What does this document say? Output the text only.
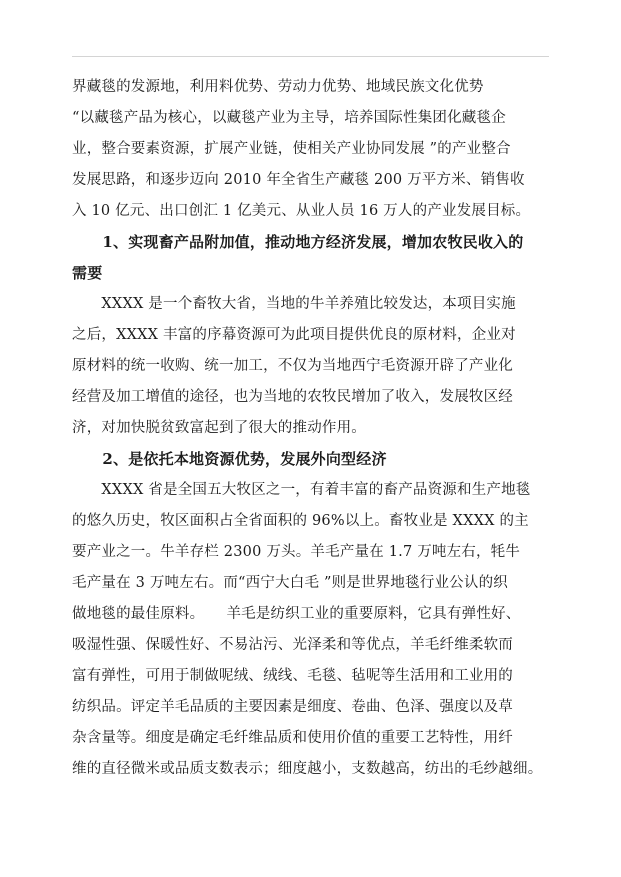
界藏毯的发源地，利用料优势、劳动力优势、地域民族文化优势
“以藏毯产品为核心，以藏毯产业为主导，培养国际性集团化藏毯企
业，整合要素资源，扩展产业链，使相关产业协同发展 ”的产业整合
发展思路，和逐步迈向 2010 年全省生产藏毯 200 万平方米、销售收
入 10 亿元、出口创汇 1 亿美元、从业人员 16 万人的产业发展目标。
　　1、实现畜产品附加值，推动地方经济发展，增加农牧民收入的
需要
　　XXXX 是一个畜牧大省，当地的牛羊养殖比较发达，本项目实施
之后，XXXX 丰富的序幕资源可为此项目提供优良的原材料，企业对
原材料的统一收购、统一加工，不仅为当地西宁毛资源开辟了产业化
经营及加工增值的途径，也为当地的农牧民增加了收入，发展牧区经
济，对加快脱贫致富起到了很大的推动作用。
　　2、是依托本地资源优势，发展外向型经济
　　XXXX 省是全国五大牧区之一，有着丰富的畜产品资源和生产地毯
的悠久历史，牧区面积占全省面积的 96%以上。畜牧业是 XXXX 的主
要产业之一。牛羊存栏 2300 万头。羊毛产量在 1.7 万吨左右，牦牛
毛产量在 3 万吨左右。而“西宁大白毛 ”则是世界地毯行业公认的织
做地毯的最佳原料。　　羊毛是纺织工业的重要原料，它具有弹性好、
吸湿性强、保暖性好、不易沾污、光泽柔和等优点，羊毛纤维柔软而
富有弹性，可用于制做呢绒、绒线、毛毯、毡呢等生活用和工业用的
纺织品。评定羊毛品质的主要因素是细度、卷曲、色泽、强度以及草
杂含量等。细度是确定毛纤维品质和使用价值的重要工艺特性，用纤
维的直径微米或品质支数表示；细度越小，支数越高，纺出的毛纱越细。
